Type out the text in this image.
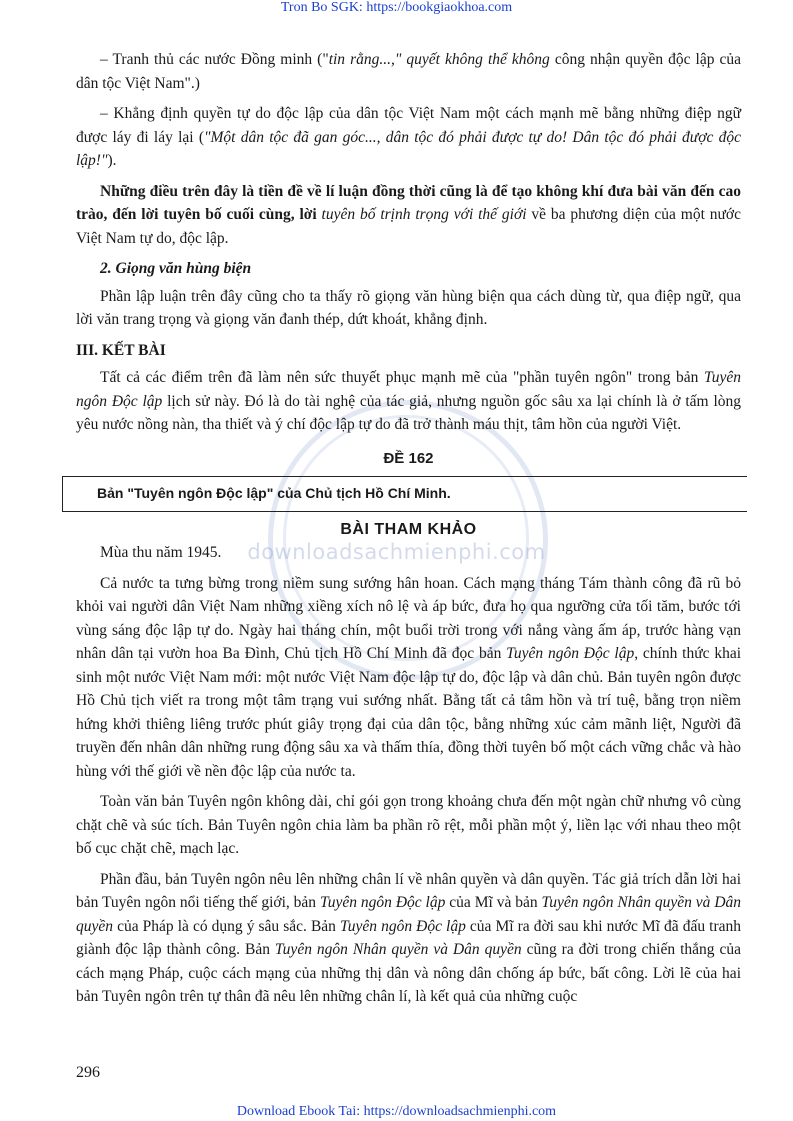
Tron Bo SGK: https://bookgiaokhoa.com
downloadsachmienphi.com

– Tranh thủ các nước Đồng minh ("tin rằng...," quyết không thể không công nhận quyền độc lập của dân tộc Việt Nam".)

– Khẳng định quyền tự do độc lập của dân tộc Việt Nam một cách mạnh mẽ bằng những điệp ngữ được láy đi láy lại ("Một dân tộc đã gan góc..., dân tộc đó phải được tự do! Dân tộc đó phải được độc lập!").

Những điều trên đây là tiền đề về lí luận đồng thời cũng là để tạo không khí đưa bài văn đến cao trào, đến lời tuyên bố cuối cùng, lời tuyên bố trịnh trọng với thế giới về ba phương diện của một nước Việt Nam tự do, độc lập.

2. Giọng văn hùng biện

Phần lập luận trên đây cũng cho ta thấy rõ giọng văn hùng biện qua cách dùng từ, qua điệp ngữ, qua lời văn trang trọng và giọng văn đanh thép, dứt khoát, khẳng định.

III. KẾT BÀI

Tất cả các điểm trên đã làm nên sức thuyết phục mạnh mẽ của "phần tuyên ngôn" trong bản Tuyên ngôn Độc lập lịch sử này. Đó là do tài nghệ của tác giả, nhưng nguồn gốc sâu xa lại chính là ở tấm lòng yêu nước nồng nàn, tha thiết và ý chí độc lập tự do đã trở thành máu thịt, tâm hồn của người Việt.

ĐỀ 162
Bản "Tuyên ngôn Độc lập" của Chủ tịch Hồ Chí Minh.
BÀI THAM KHẢO

Mùa thu năm 1945.

Cả nước ta tưng bừng trong niềm sung sướng hân hoan. Cách mạng tháng Tám thành công đã rũ bỏ khỏi vai người dân Việt Nam những xiềng xích nô lệ và áp bức, đưa họ qua ngưỡng cửa tối tăm, bước tới vùng sáng độc lập tự do. Ngày hai tháng chín, một buổi trời trong với nắng vàng ấm áp, trước hàng vạn nhân dân tại vườn hoa Ba Đình, Chủ tịch Hồ Chí Minh đã đọc bản Tuyên ngôn Độc lập, chính thức khai sinh một nước Việt Nam mới: một nước Việt Nam độc lập tự do, độc lập và dân chủ. Bản tuyên ngôn được Hồ Chủ tịch viết ra trong một tâm trạng vui sướng nhất. Bằng tất cả tâm hồn và trí tuệ, bằng trọn niềm hứng khởi thiêng liêng trước phút giây trọng đại của dân tộc, bằng những xúc cảm mãnh liệt, Người đã truyền đến nhân dân những rung động sâu xa và thấm thía, đồng thời tuyên bố một cách vững chắc và hào hùng với thế giới về nền độc lập của nước ta.

Toàn văn bản Tuyên ngôn không dài, chỉ gói gọn trong khoảng chưa đến một ngàn chữ nhưng vô cùng chặt chẽ và súc tích. Bản Tuyên ngôn chia làm ba phần rõ rệt, mỗi phần một ý, liền lạc với nhau theo một bố cục chặt chẽ, mạch lạc.

Phần đầu, bản Tuyên ngôn nêu lên những chân lí về nhân quyền và dân quyền. Tác giả trích dẫn lời hai bản Tuyên ngôn nổi tiếng thế giới, bản Tuyên ngôn Độc lập của Mĩ và bản Tuyên ngôn Nhân quyền và Dân quyền của Pháp là có dụng ý sâu sắc. Bản Tuyên ngôn Độc lập của Mĩ ra đời sau khi nước Mĩ đã đấu tranh giành độc lập thành công. Bản Tuyên ngôn Nhân quyền và Dân quyền cũng ra đời trong chiến thắng của cách mạng Pháp, cuộc cách mạng của những thị dân và nông dân chống áp bức, bất công. Lời lẽ của hai bản Tuyên ngôn trên tự thân đã nêu lên những chân lí, là kết quả của những cuộc

296
Download Ebook Tai: https://downloadsachmienphi.com
